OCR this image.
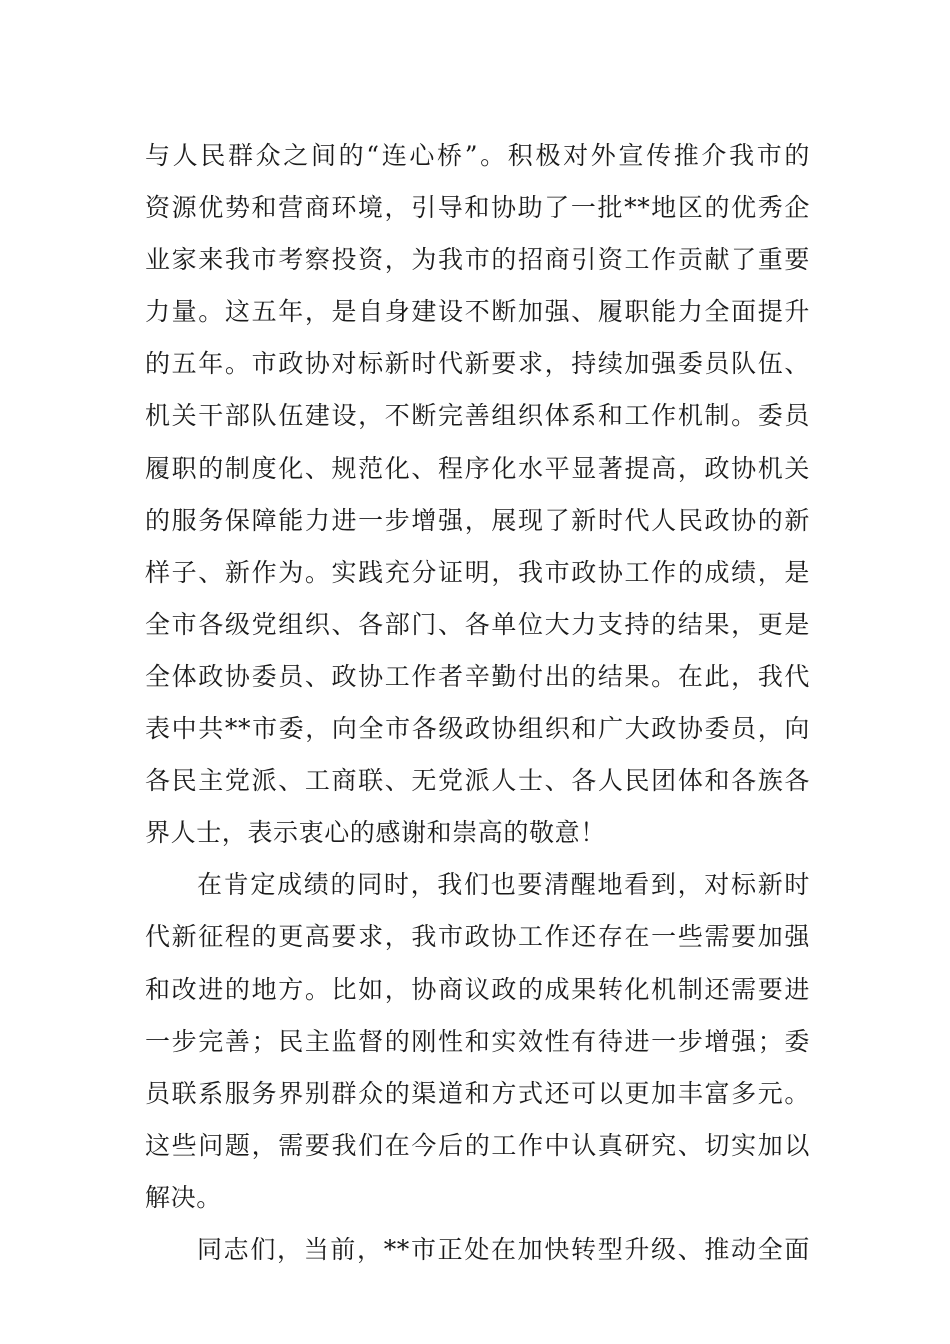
与人民群众之间的“连心桥”。积极对外宣传推介我市的
资源优势和营商环境，引导和协助了一批**地区的优秀企
业家来我市考察投资，为我市的招商引资工作贡献了重要
力量。这五年，是自身建设不断加强、履职能力全面提升
的五年。市政协对标新时代新要求，持续加强委员队伍、
机关干部队伍建设，不断完善组织体系和工作机制。委员
履职的制度化、规范化、程序化水平显著提高，政协机关
的服务保障能力进一步增强，展现了新时代人民政协的新
样子、新作为。实践充分证明，我市政协工作的成绩，是
全市各级党组织、各部门、各单位大力支持的结果，更是
全体政协委员、政协工作者辛勤付出的结果。在此，我代
表中共**市委，向全市各级政协组织和广大政协委员，向
各民主党派、工商联、无党派人士、各人民团体和各族各
界人士，表示衷心的感谢和崇高的敬意！
在肯定成绩的同时，我们也要清醒地看到，对标新时
代新征程的更高要求，我市政协工作还存在一些需要加强
和改进的地方。比如，协商议政的成果转化机制还需要进
一步完善；民主监督的刚性和实效性有待进一步增强；委
员联系服务界别群众的渠道和方式还可以更加丰富多元。
这些问题，需要我们在今后的工作中认真研究、切实加以
解决。
同志们，当前，**市正处在加快转型升级、推动全面
